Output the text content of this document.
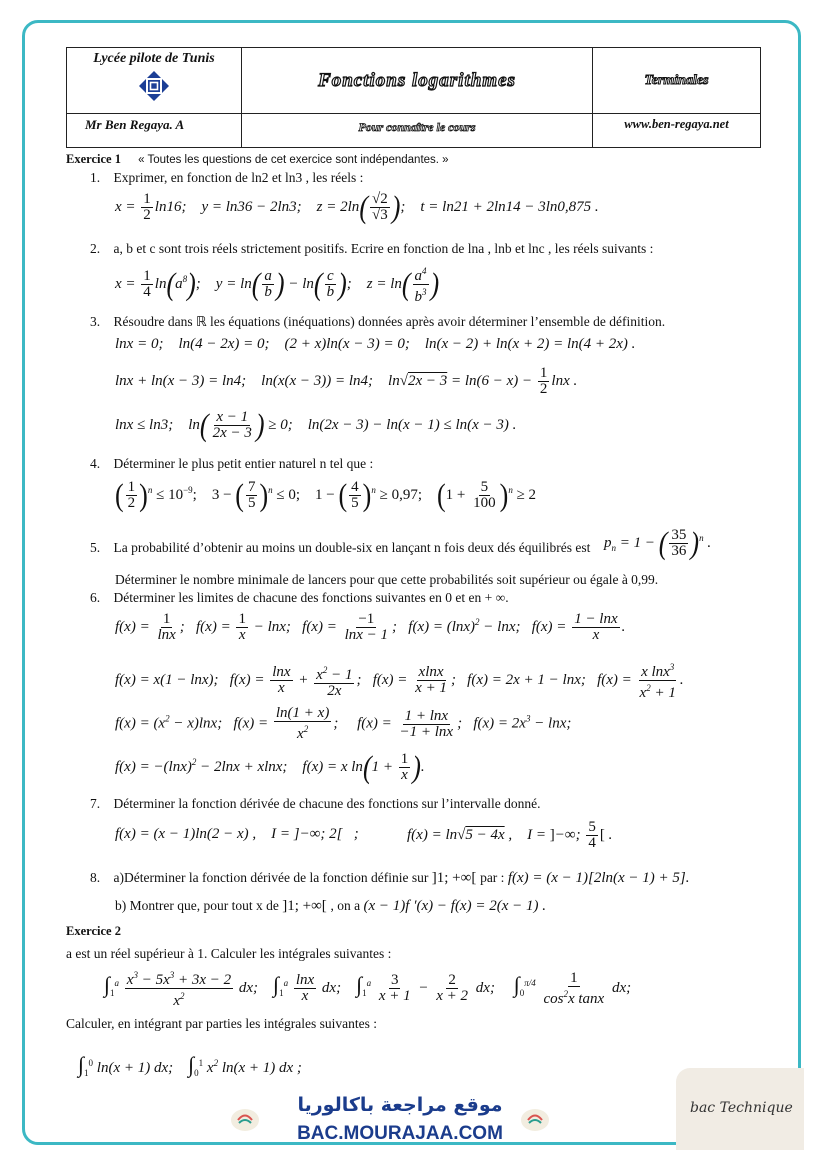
Lycée pilote de Tunis	Fonctions logarithmes	Terminales

Mr Ben Regaya. A	Pour connaître le cours	www.ben-regaya.net
Exercice 1 « Toutes les questions de cet exercice sont indépendantes. »
1. Exprimer, en fonction de ln2 et ln3 , les réels :
$x = \frac{1}{2} \ln 16$;    y = ln36 − 2ln3;    $z = 2\ln( \frac{√2}{√3}$ );    t = ln21 + 2ln14 − 3ln0,875 .
2. a, b et c sont trois réels strictement positifs. Ecrire en fonction de lna , lnb et lnc , les réels suivants :
$x = \frac{1}{4} \ln(a^8)$;    $y = \ln( \frac{a}{b}$ ) − $\ln( \frac{c}{b}$ );    $z = \ln( \frac{a^4}{b^3}$ )
3. Résoudre dans ℝ les équations (inéquations) données après avoir déterminer l’ensemble de définition.
lnx = 0;    ln(4 − 2x) = 0;    (2 + x)ln(x − 3) = 0;    ln(x − 2) + ln(x + 2) = ln(4 + 2x) .
lnx + ln(x − 3) = ln4;    ln(x(x − 3)) = ln4;    $\ln√2x - 3 = \ln(6 - x) - \frac{1}{2}$ lnx .
lnx ≤ ln3;    $\ln( \frac{x - 1}{2x - 3}$ ) ≥ 0;    ln(2x − 3) − ln(x − 1) ≤ ln(x − 3) .
4. Déterminer le plus petit entier naturel n tel que :
( $\frac{1}{2} )^n \le 10^{-9}$;    3 − ( $\frac{7}{5} )^n \le 0$;    1 − ( $\frac{4}{5} )^n \ge 0,97$;    $(1 + \frac{5}{100} )^n \ge 2$
5. La probabilité d’obtenir au moins un double-six en lançant n fois deux dés équilibrés est $p_n = 1$ − ( $\frac{35}{36} )^n$ .
Déterminer le nombre minimale de lancers pour que cette probabilités soit supérieur ou égale à 0,99.
6. Déterminer les limites de chacune des fonctions suivantes en 0 et en + ∞.
$f(x) = \frac{1}{\ln x}$ ;   $f(x) = \frac{1}{x} - \ln x$;   $f(x) = \frac{-1}{\ln x - 1}$ ;   $f(x) = (\ln x)^2 - \ln x$;   $f(x) = \frac{1 - \ln x}{x}$ .
f(x) = x(1 − lnx);   $f(x) = \frac{\ln x}{x} + \frac{x^2 - 1}{2x}$ ;   $f(x) = \frac{xlnx}{x + 1}$ ;   f(x) = 2x + 1 − lnx;   $f(x) = \frac{x \ln x^3}{x^2 + 1}$ .
$f(x) = (x^2 - x)\ln x$;   $f(x) = \frac{\ln(1 + x)}{x^2}$ ;     $f(x) = \frac{1 + \ln x}{-1 + \ln x}$ ;   $f(x) = 2x^3 - \ln x$;
$f(x) = -(\ln x)^2 - 2\ln x + xlnx$;    f(x) = x $\ln(1 + \frac{1}{x}$ ).
7. Déterminer la fonction dérivée de chacune des fonctions sur l’intervalle donné.
f(x) = (x − 1)ln(2 − x) ,    I = ]−∞; 2[   ;	f(x) = ln√5 − 4x ,    I = ]−∞; $\frac{5}{4}$ [ .
8. a)Déterminer la fonction dérivée de la fonction définie sur ]1; +∞[ par : f(x) = (x − 1)[2ln(x − 1) + 5].
b) Montrer que, pour tout x de ]1; +∞[ , on a (x − 1)f ′(x) − f(x) = 2(x − 1) .
Exercice 2
a est un réel supérieur à 1. Calculer les intégrales suivantes :
$\int_1^a \frac{x^3 - 5x^3 + 3x - 2}{x^2}$ dx;    $\int_1^a \frac{\ln x}{x}$ dx;    $\int_1^a \frac{3}{x + 1} - \frac{2}{x + 2}$ dx;     $\int_0^{\pi/4} \frac{1}{\cos^2x \tan x}$ dx;
Calculer, en intégrant par parties les intégrales suivantes :
$\int_1^0$ ln(x + 1) dx;    $\int_0^1$ $x^2$ ln(x + 1) dx ;
موقع مراجعة باكالوريا
BAC.MOURAJAA.COM
bac Technique
